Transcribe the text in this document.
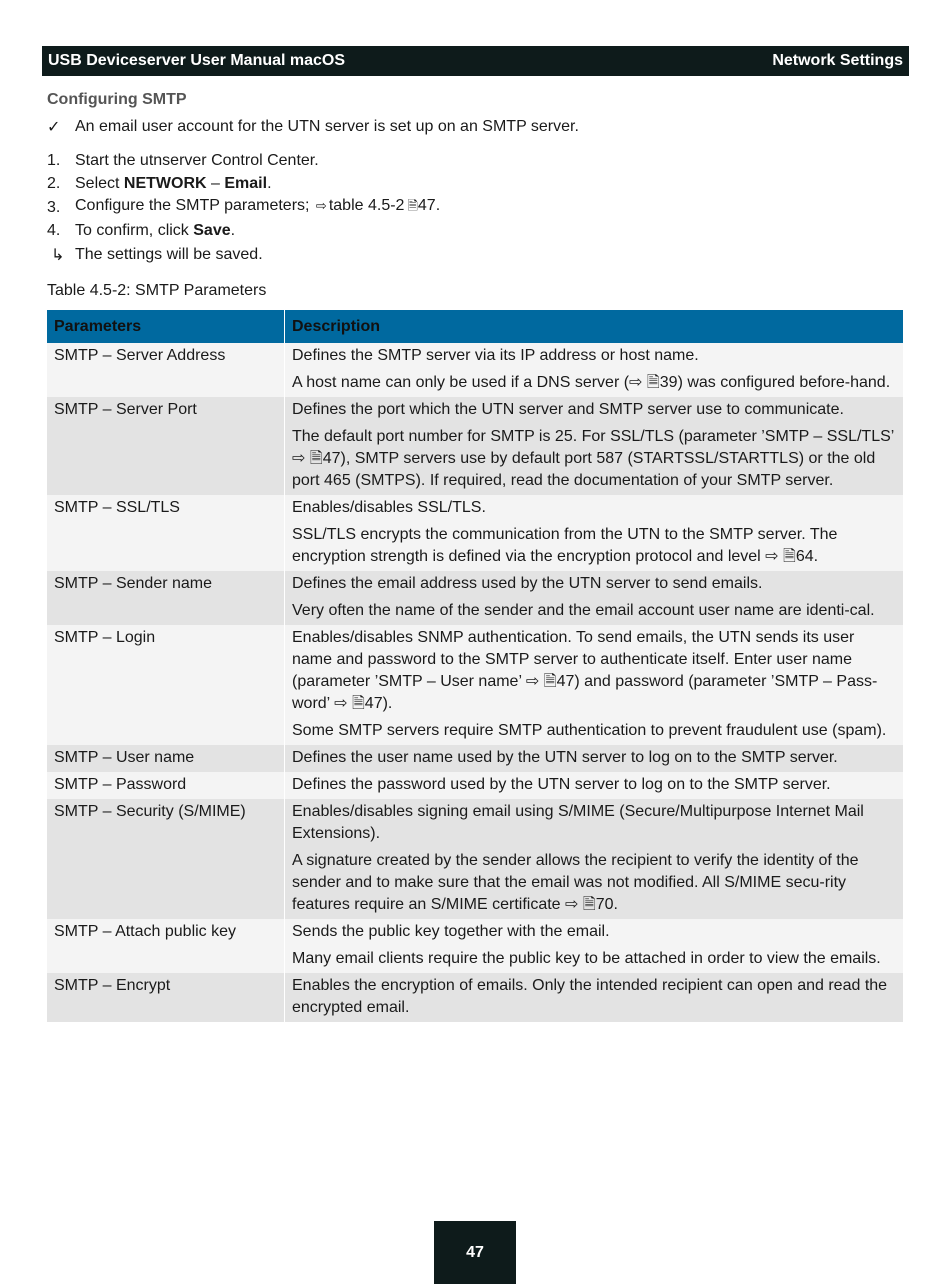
USB Deviceserver User Manual macOS	Network Settings
Configuring SMTP
✓ An email user account for the UTN server is set up on an SMTP server.
1. Start the utnserver Control Center.
2. Select NETWORK – Email.
3. Configure the SMTP parameters; ⇨ table 4.5-2 🗎47.
4. To confirm, click Save.
↳ The settings will be saved.
Table 4.5-2: SMTP Parameters
Parameters	Description
SMTP – Server Address	Defines the SMTP server via its IP address or host name.

A host name can only be used if a DNS server (⇨ 🗎39) was configured before-hand.

SMTP – Server Port	Defines the port which the UTN server and SMTP server use to communicate.

The default port number for SMTP is 25. For SSL/TLS (parameter ’SMTP – SSL/TLS’ ⇨ 🗎47), SMTP servers use by default port 587 (STARTSSL/STARTTLS) or the old port 465 (SMTPS). If required, read the documentation of your SMTP server.

SMTP – SSL/TLS	Enables/disables SSL/TLS.

SSL/TLS encrypts the communication from the UTN to the SMTP server. The encryption strength is defined via the encryption protocol and level ⇨ 🗎64.

SMTP – Sender name	Defines the email address used by the UTN server to send emails.

Very often the name of the sender and the email account user name are identi-cal.

SMTP – Login	Enables/disables SNMP authentication. To send emails, the UTN sends its user name and password to the SMTP server to authenticate itself. Enter user name (parameter ’SMTP – User name’ ⇨ 🗎47) and password (parameter ’SMTP – Pass-word’ ⇨ 🗎47).

Some SMTP servers require SMTP authentication to prevent fraudulent use (spam).

SMTP – User name	Defines the user name used by the UTN server to log on to the SMTP server.

SMTP – Password	Defines the password used by the UTN server to log on to the SMTP server.

SMTP – Security (S/MIME)	Enables/disables signing email using S/MIME (Secure/Multipurpose Internet Mail Extensions).

A signature created by the sender allows the recipient to verify the identity of the sender and to make sure that the email was not modified. All S/MIME secu-rity features require an S/MIME certificate ⇨ 🗎70.

SMTP – Attach public key	Sends the public key together with the email.

Many email clients require the public key to be attached in order to view the emails.

SMTP – Encrypt	Enables the encryption of emails. Only the intended recipient can open and read the encrypted email.

47
